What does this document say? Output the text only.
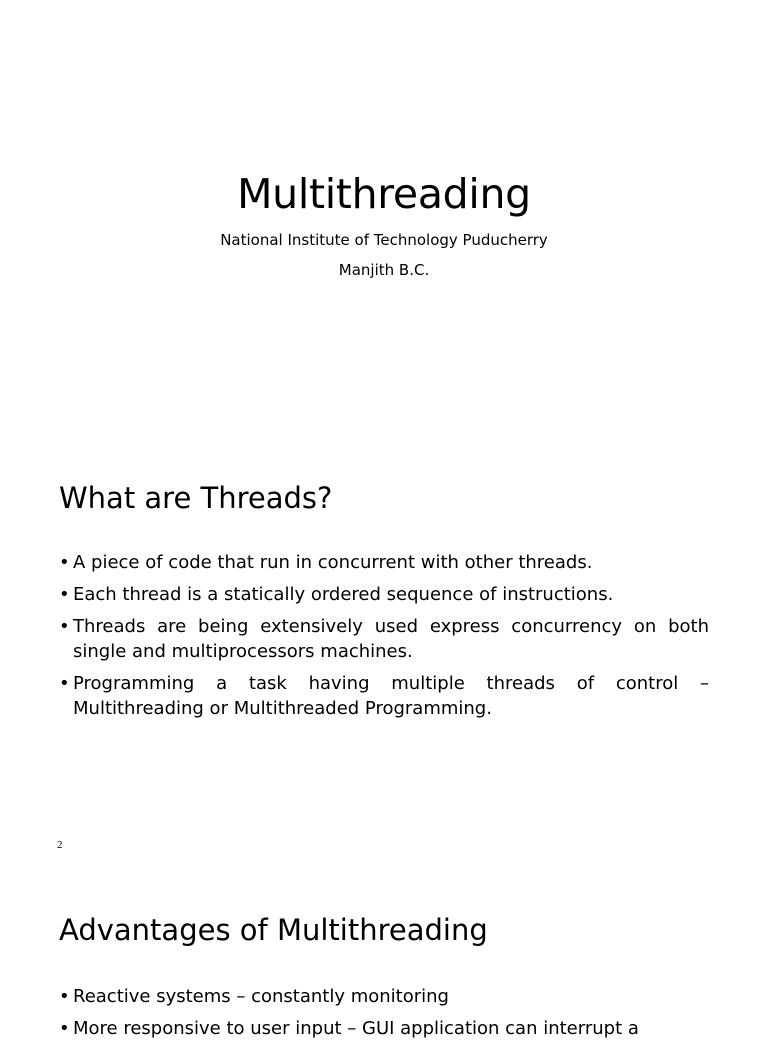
Multithreading
National Institute of Technology Puducherry
Manjith B.C.
What are Threads?
• A piece of code that run in concurrent with other threads.
• Each thread is a statically ordered sequence of instructions.
• Threads are being extensively used express concurrency on both single and multiprocessors machines.
• Programming a task having multiple threads of control – Multithreading or Multithreaded Programming.
2
Advantages of Multithreading
• Reactive systems – constantly monitoring
• More responsive to user input – GUI application can interrupt a
